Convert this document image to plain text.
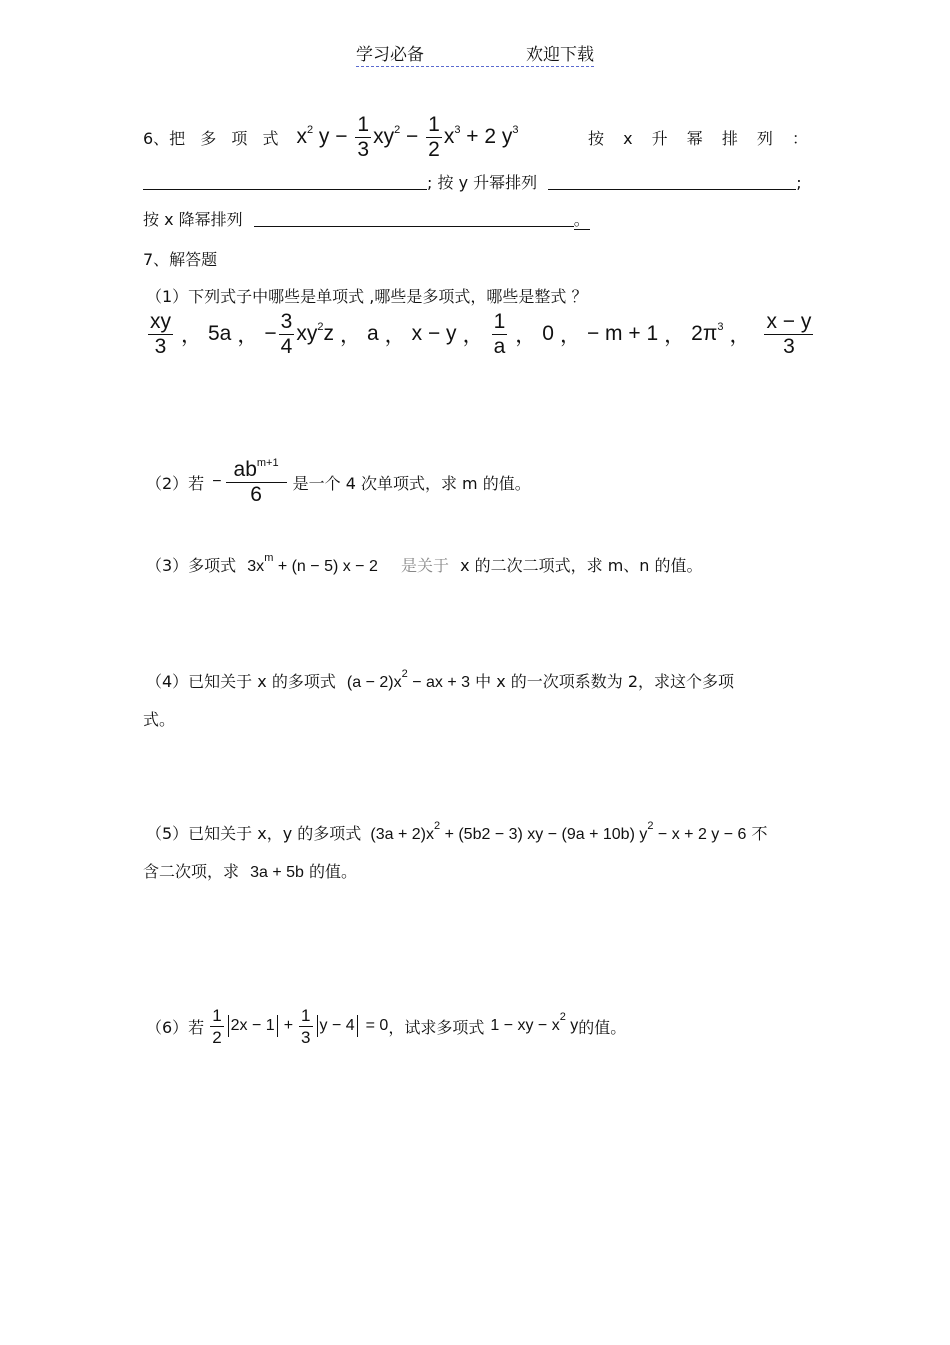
学习必备	欢迎下载
6、把 多 项 式 $x^2$ $y - \frac{1}{3} xy^2 - \frac{1}{2} x^3 + 2$ $y^3$	按 x 升 幂 排 列 ：
; 按 y 升幂排列	;
按 x 降幂排列	。
7、解答题
（1）下列式子中哪些是单项式 ,哪些是多项式，哪些是整式 ？
$\frac{xy}{3}$ ， 5a ， − $\frac{3}{4} xy^2z$ ， a ， x − y ， $\frac{1}{a}$ ， 0 ， − m + 1 ， $2\pi^3$ ， $\frac{x - y}{3}$
（2）若 − $\frac{ab^{m+1}}{6}$ 是一个 4 次单项式，求 m 的值。
（3）多项式 $3x^m + (n - 5) x - 2$ 是关于 x 的二次二项式，求 m、n 的值。
（4）已知关于 x 的多项式 $(a - 2)x^2$ − ax + 3 中 x 的一次项系数为 2，求这个多项
式。
（5）已知关于 x，y 的多项式 $(3a + 2)x^2 + (5b2 - 3)$ xy − (9a + 10b) $y^2 - x + 2$ y − 6 不
含二次项，求 3a + 5b 的值。
（6）若 $\frac{1}{2} 2x - 1 + \frac{1}{3}$ y − 4 = 0 ，试求多项式 1 − xy − $x^2$ y 的值。
